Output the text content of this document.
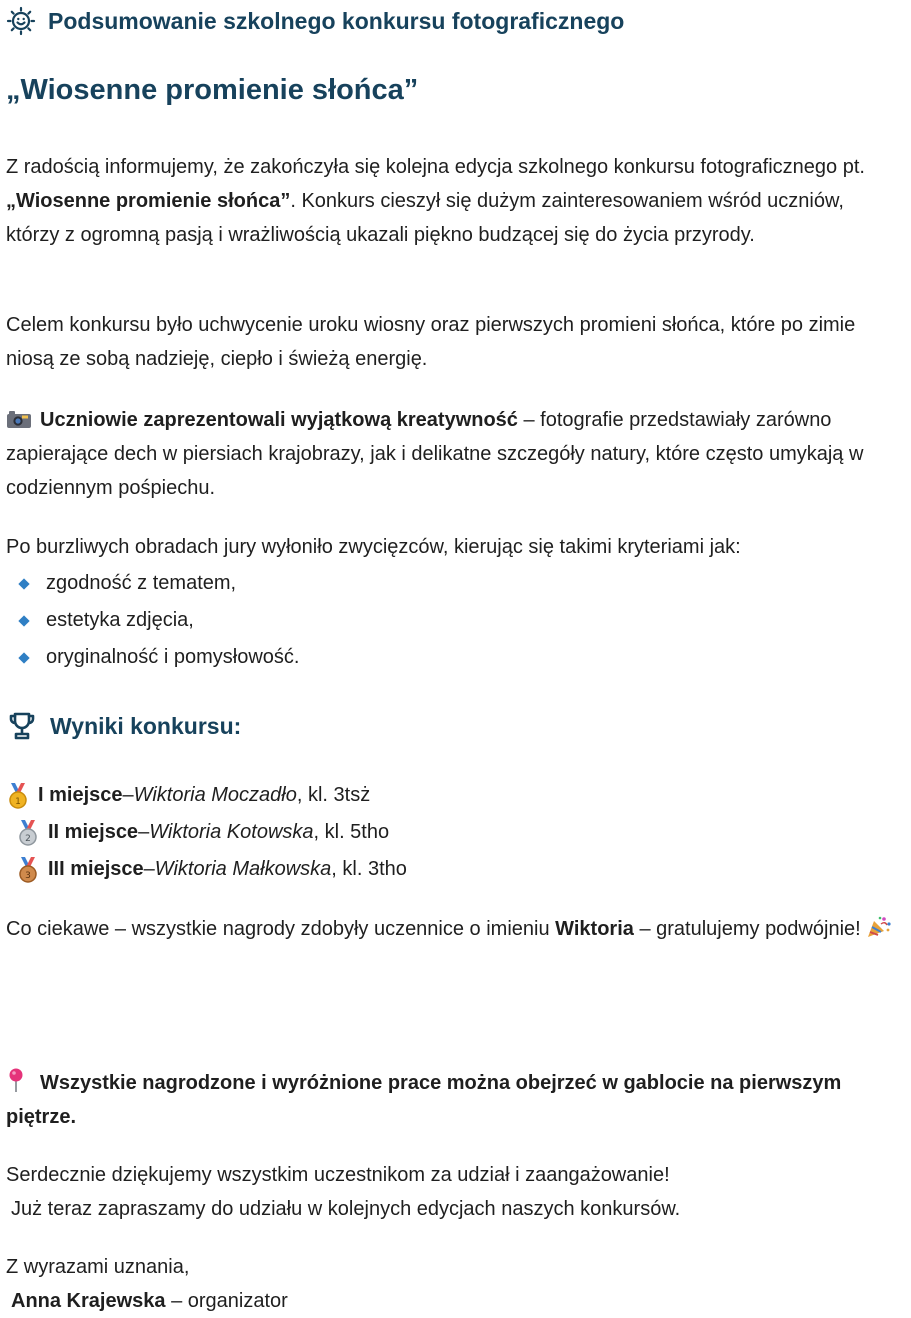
Podsumowanie szkolnego konkursu fotograficznego
„Wiosenne promienie słońca”
Z radością informujemy, że zakończyła się kolejna edycja szkolnego konkursu fotograficznego pt. „Wiosenne promienie słońca”. Konkurs cieszył się dużym zainteresowaniem wśród uczniów, którzy z ogromną pasją i wrażliwością ukazali piękno budzącej się do życia przyrody.
Celem konkursu było uchwycenie uroku wiosny oraz pierwszych promieni słońca, które po zimie niosą ze sobą nadzieję, ciepło i świeżą energię.
Uczniowie zaprezentowali wyjątkową kreatywność – fotografie przedstawiały zarówno zapierające dech w piersiach krajobrazy, jak i delikatne szczegóły natury, które często umykają w codziennym pośpiechu.
Po burzliwych obradach jury wyłoniło zwycięzców, kierując się takimi kryteriami jak:
zgodność z tematem,
estetyka zdjęcia,
oryginalność i pomysłowość.
Wyniki konkursu:
1 I miejsce – Wiktoria Moczadło , kl. 3tsż
2 II miejsce – Wiktoria Kotowska , kl. 5tho
3 III miejsce – Wiktoria Małkowska , kl. 3tho
Co ciekawe – wszystkie nagrody zdobyły uczennice o imieniu Wiktoria – gratulujemy podwójnie!
Wszystkie nagrodzone i wyróżnione prace można obejrzeć w gablocie na pierwszym piętrze.
Serdecznie dziękujemy wszystkim uczestnikom za udział i zaangażowanie!
Już teraz zapraszamy do udziału w kolejnych edycjach naszych konkursów.
Z wyrazami uznania,
Anna Krajewska – organizator
